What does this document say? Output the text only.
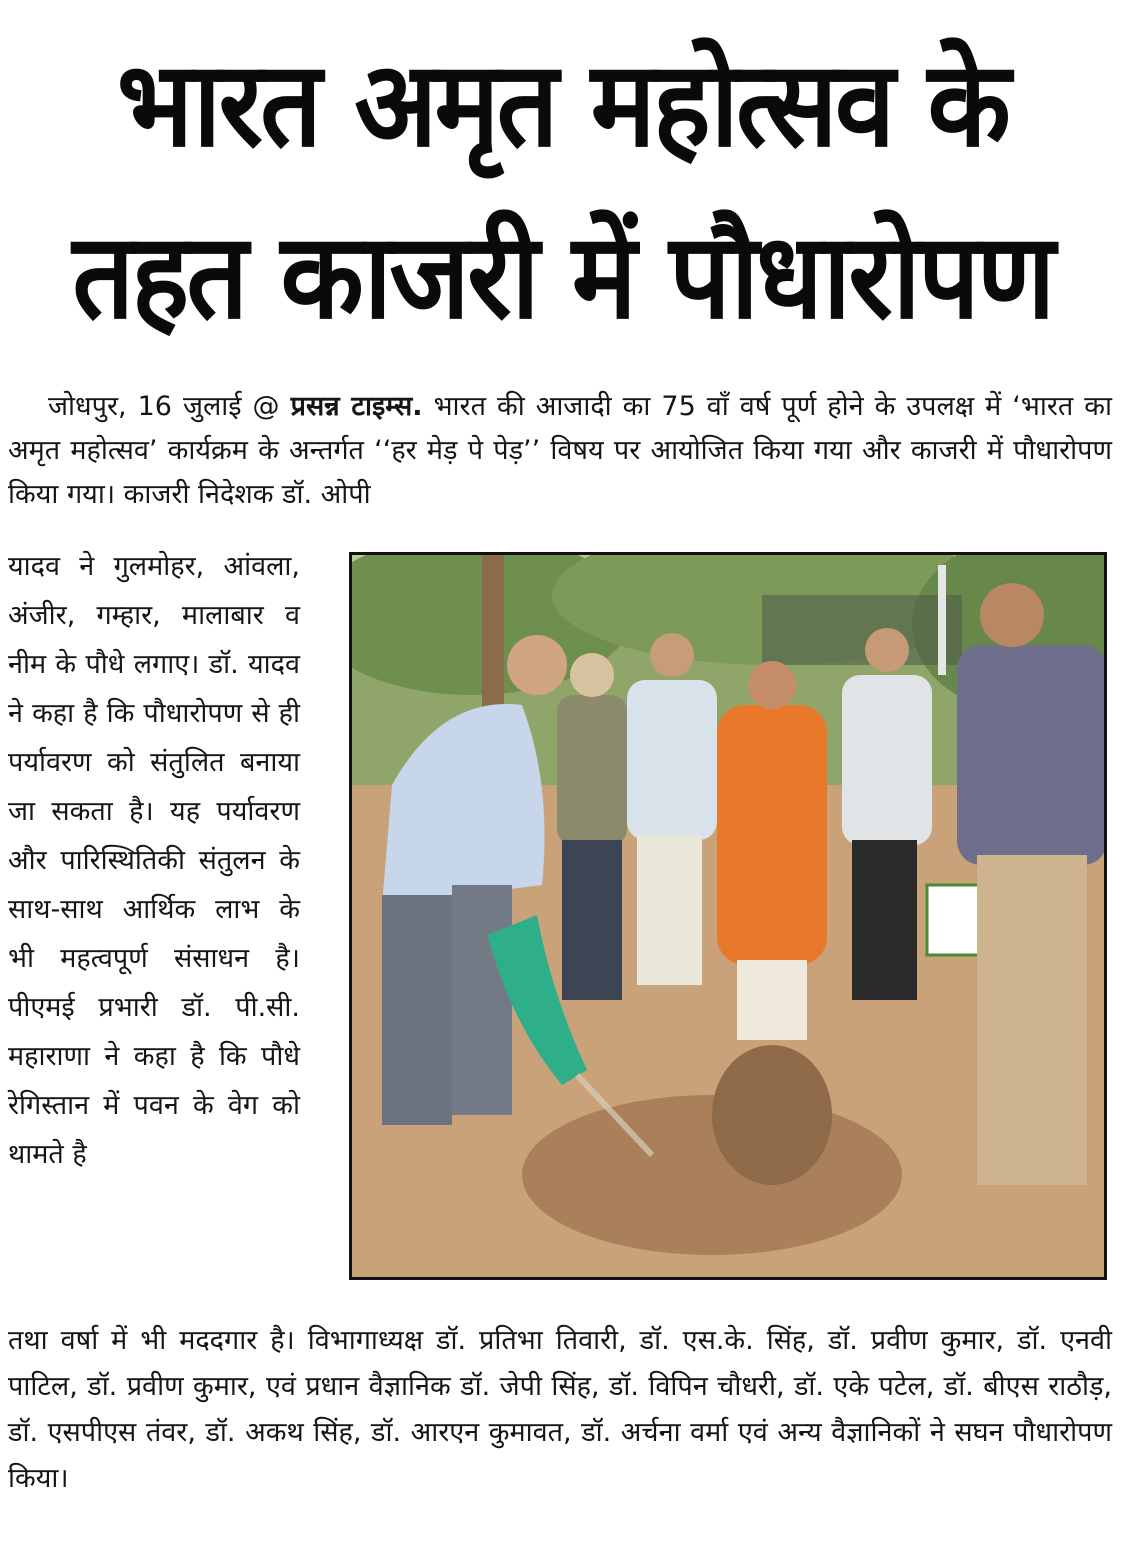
भारत अमृत महोत्सव के
तहत काजरी में पौधारोपण

जोधपुर, 16 जुलाई @ प्रसन्न टाइम्स. भारत की आजादी का 75 वाँ वर्ष पूर्ण होने के उपलक्ष में ‘भारत का अमृत महोत्सव’ कार्यक्रम के अन्तर्गत ‘‘हर मेड़ पे पेड़’’ विषय पर आयोजित किया गया और काजरी में पौधारोपण किया गया। काजरी निदेशक डॉ. ओपी

यादव ने गुलमोहर, आंवला, अंजीर, गम्हार, मालाबार व नीम के पौधे लगाए। डॉ. यादव ने कहा है कि पौधारोपण से ही पर्यावरण को संतुलित बनाया जा सकता है। यह पर्यावरण और पारिस्थितिकी संतुलन के साथ-साथ आर्थिक लाभ के भी महत्वपूर्ण संसाधन है। पीएमई प्रभारी डॉ. पी.सी. महाराणा ने कहा है कि पौधे रेगिस्तान में पवन के वेग को थामते है

तथा वर्षा में भी मददगार है। विभागाध्यक्ष डॉ. प्रतिभा तिवारी, डॉ. एस.के. सिंह, डॉ. प्रवीण कुमार, डॉ. एनवी पाटिल, डॉ. प्रवीण कुमार, एवं प्रधान वैज्ञानिक डॉ. जेपी सिंह, डॉ. विपिन चौधरी, डॉ. एके पटेल, डॉ. बीएस राठौड़, डॉ. एसपीएस तंवर, डॉ. अकथ सिंह, डॉ. आरएन कुमावत, डॉ. अर्चना वर्मा एवं अन्य वैज्ञानिकों ने सघन पौधारोपण किया।
